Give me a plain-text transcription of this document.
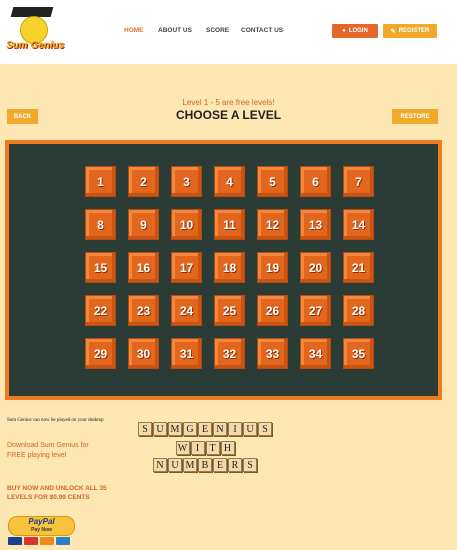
Sum Genius
HOME ABOUT US SCORE CONTACT US	● LOGIN	✎ REGISTER
Level 1 - 5 are free levels!
CHOOSE A LEVEL
BACK	RESTORE
1	2	3	4	5	6	7
8	9	10	11	12	13	14
15	16	17	18	19	20	21
22	23	24	25	26	27	28
29	30	31	32	33	34	35
Sum Genius can now be played on your desktop
Download Sum Genius for FREE playing level
BUY NOW AND UNLOCK ALL 35 LEVELS FOR $0.99 CENTS
S U M G E N I U S
W I	T H
N U M B E R S
PayPal
Pay Now
